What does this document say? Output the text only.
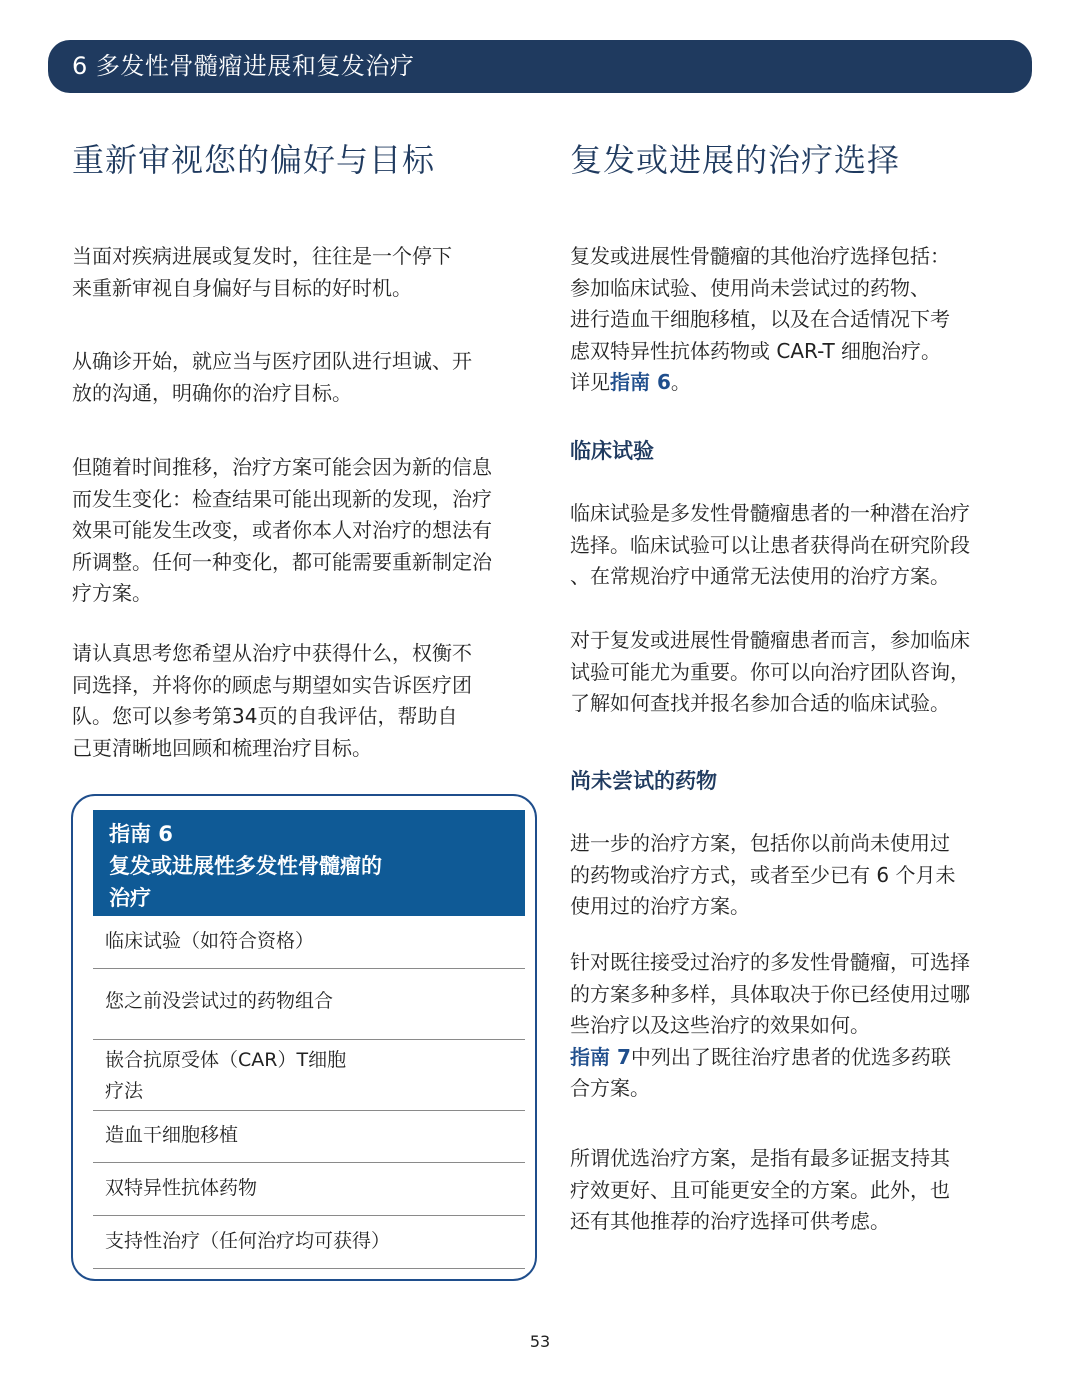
6 多发性骨髓瘤进展和复发治疗
重新审视您的偏好与目标

当面对疾病进展或复发时，往往是一个停下
来重新审视自身偏好与目标的好时机。

从确诊开始，就应当与医疗团队进行坦诚、开
放的沟通，明确你的治疗目标。

但随着时间推移，治疗方案可能会因为新的信息
而发生变化：检查结果可能出现新的发现，治疗
效果可能发生改变，或者你本人对治疗的想法有
所调整。任何一种变化，都可能需要重新制定治
疗方案。

请认真思考您希望从治疗中获得什么，权衡不
同选择，并将你的顾虑与期望如实告诉医疗团
队。您可以参考第34页的自我评估，帮助自
己更清晰地回顾和梳理治疗目标。

指南 6
复发或进展性多发性骨髓瘤的
治疗
临床试验（如符合资格）
您之前没尝试过的药物组合
嵌合抗原受体（CAR）T细胞
疗法
造血干细胞移植
双特异性抗体药物
支持性治疗（任何治疗均可获得）
复发或进展的治疗选择

复发或进展性骨髓瘤的其他治疗选择包括：
参加临床试验、使用尚未尝试过的药物、
进行造血干细胞移植，以及在合适情况下考
虑双特异性抗体药物或 CAR-T 细胞治疗。
详见指南 6。

临床试验

临床试验是多发性骨髓瘤患者的一种潜在治疗
选择。临床试验可以让患者获得尚在研究阶段
、在常规治疗中通常无法使用的治疗方案。

对于复发或进展性骨髓瘤患者而言，参加临床
试验可能尤为重要。你可以向治疗团队咨询，
了解如何查找并报名参加合适的临床试验。

尚未尝试的药物

进一步的治疗方案，包括你以前尚未使用过
的药物或治疗方式，或者至少已有 6 个月未
使用过的治疗方案。

针对既往接受过治疗的多发性骨髓瘤，可选择
的方案多种多样，具体取决于你已经使用过哪
些治疗以及这些治疗的效果如何。
指南 7中列出了既往治疗患者的优选多药联
合方案。

所谓优选治疗方案，是指有最多证据支持其
疗效更好、且可能更安全的方案。此外，也
还有其他推荐的治疗选择可供考虑。

53
